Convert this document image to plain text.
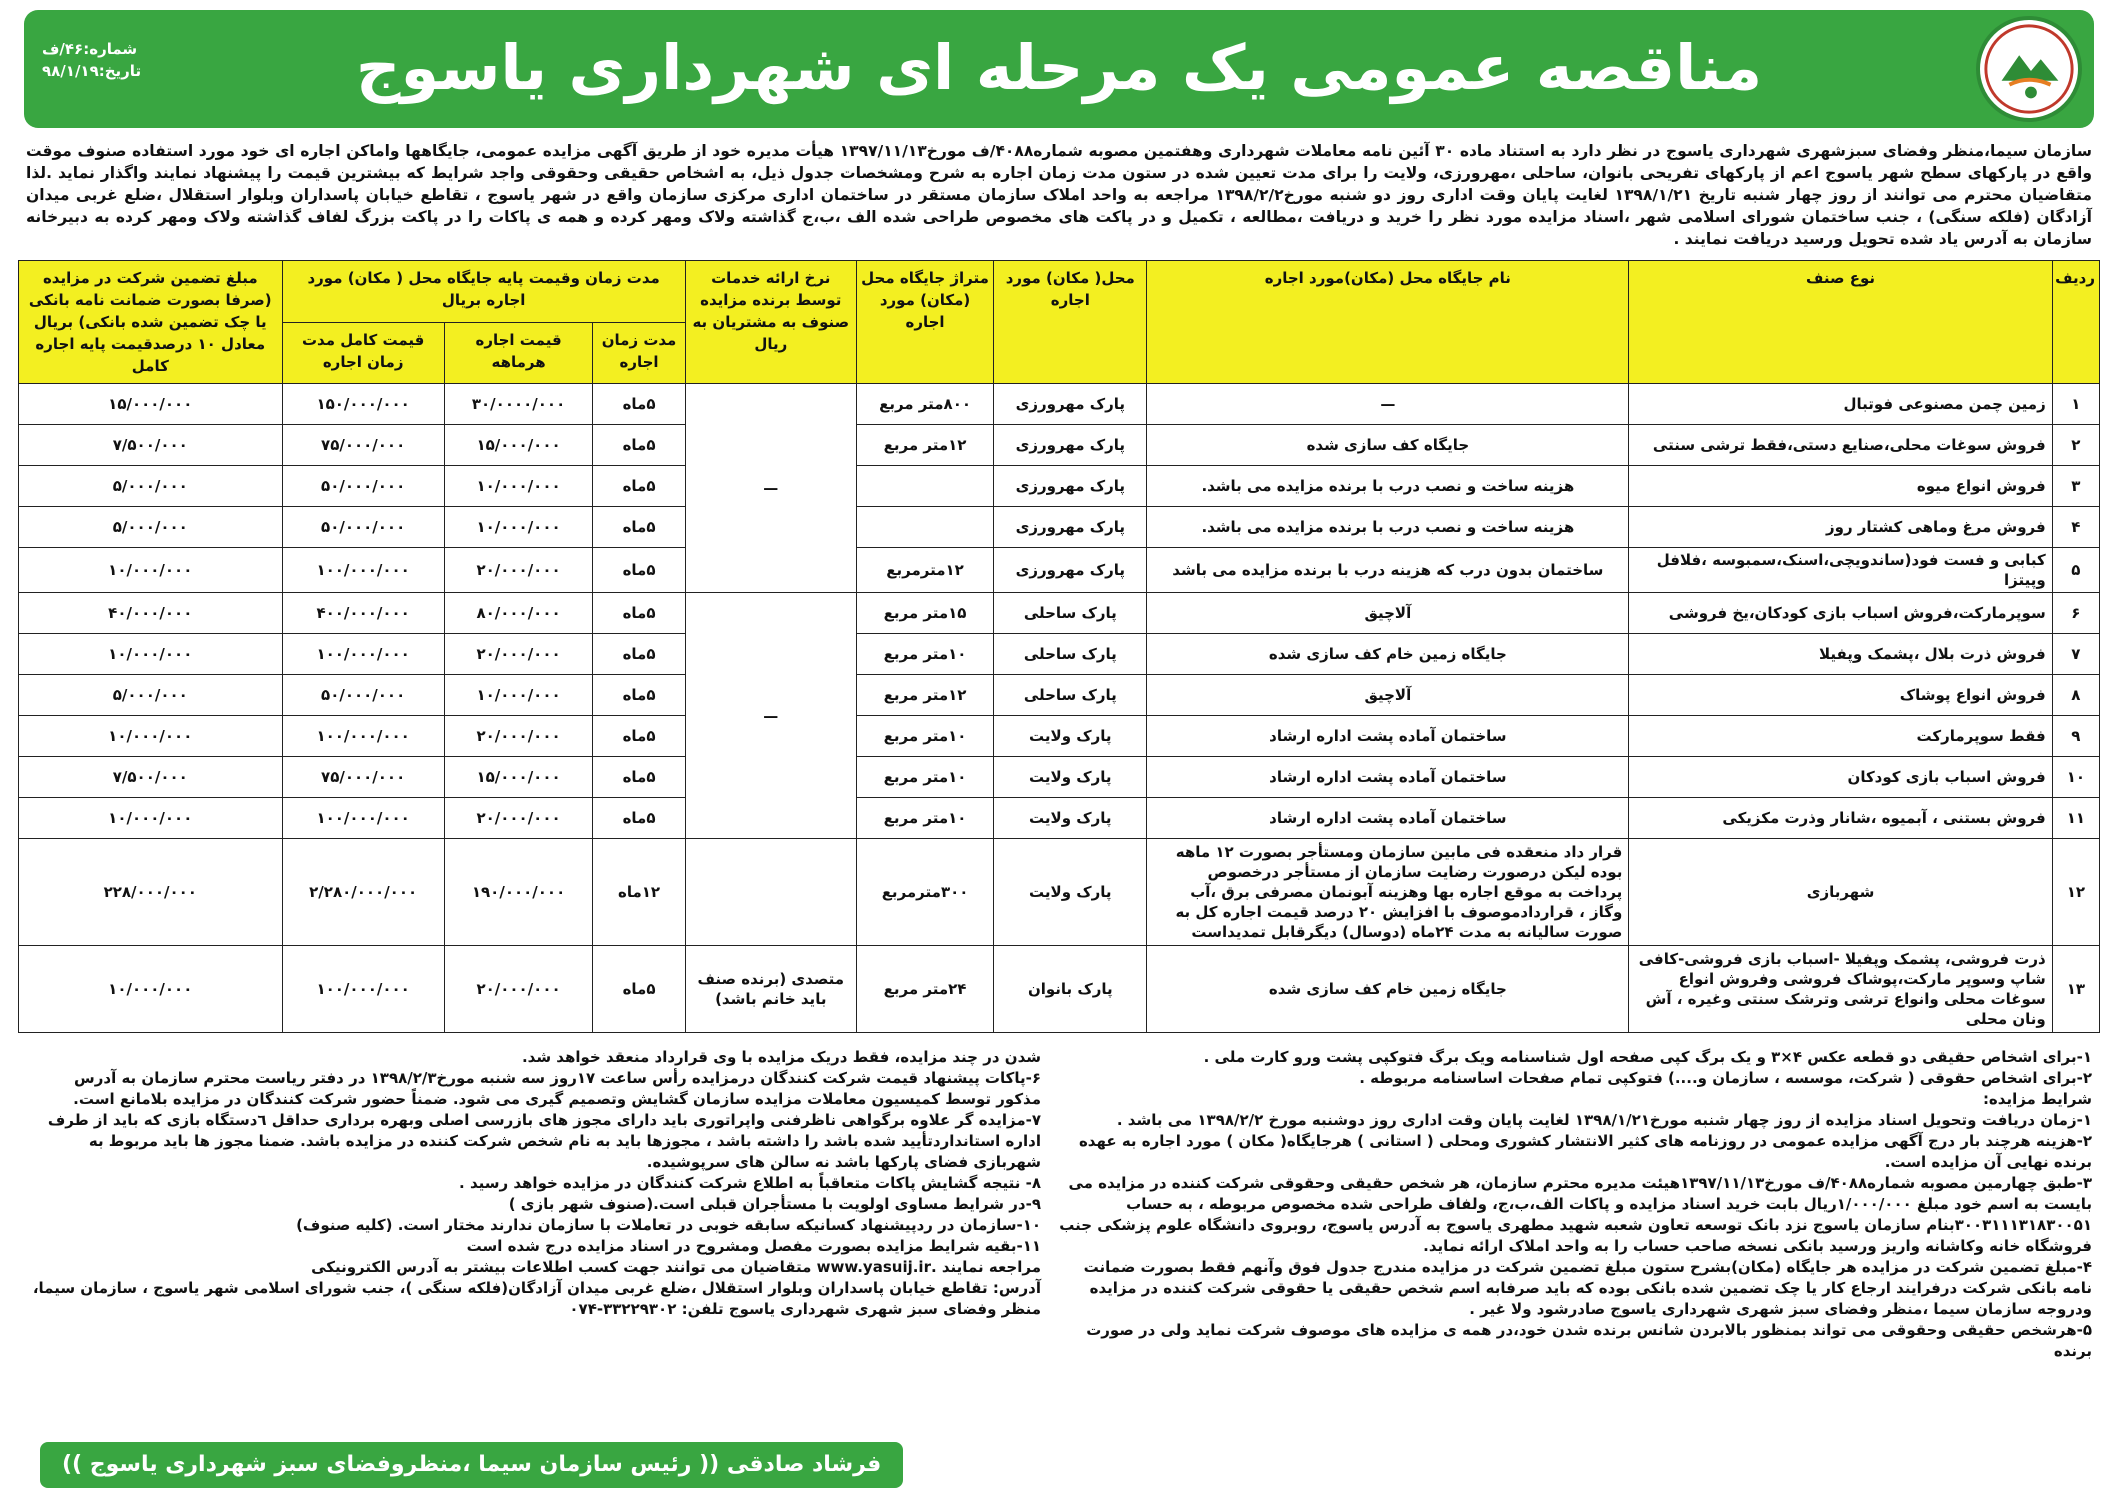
مناقصه عمومی یک مرحله ای شهرداری یاسوج
شماره:۴۶/ف
تاریخ:۹۸/۱/۱۹
سازمان سیما،منظر وفضای سبزشهری شهرداری یاسوج در نظر دارد به استناد ماده ۳۰ آئین نامه معاملات شهرداری وهفتمین مصوبه شماره۴۰۸۸/ف مورخ۱۳۹۷/۱۱/۱۳ هیأت مدیره خود از طریق آگهی مزایده عمومی، جایگاهها واماکن اجاره ای خود مورد استفاده صنوف موقت واقع در پارکهای سطح شهر یاسوج اعم از پارکهای تفریحی بانوان، ساحلی ،مهرورزی، ولایت را برای مدت تعیین شده در ستون مدت زمان اجاره به شرح ومشخصات جدول ذیل، به اشخاص حقیقی وحقوقی واجد شرایط که بیشترین قیمت را پیشنهاد نمایند واگذار نماید .لذا متقاضیان محترم می توانند از روز چهار شنبه تاریخ ۱۳۹۸/۱/۲۱ لغایت پایان وقت اداری روز دو شنبه مورخ۱۳۹۸/۲/۲ مراجعه به واحد املاک سازمان مستقر در ساختمان اداری مرکزی سازمان واقع در شهر یاسوج ، تقاطع خیابان پاسداران وبلوار استقلال ،ضلع غربی میدان آزادگان (فلکه سنگی) ، جنب ساختمان شورای اسلامی شهر ،اسناد مزایده مورد نظر را خرید و دریافت ،مطالعه ، تکمیل و در پاکت های مخصوص طراحی شده الف ،ب،ج گذاشته ولاک ومهر کرده و همه ی پاکات را در پاکت بزرگ لفاف گذاشته ولاک ومهر کرده به دبیرخانه سازمان به آدرس یاد شده تحویل ورسید دریافت نمایند .
ردیف	نوع صنف	نام جایگاه محل (مکان)مورد اجاره	محل( مکان) مورد اجاره	متراژ جایگاه محل (مکان) مورد اجاره	نرخ ارائه خدمات توسط برنده مزایده صنوف به مشتریان به ریال	مدت زمان وقیمت پایه جایگاه محل ( مکان) مورد اجاره بریال			مبلغ تضمین شرکت در مزایده (صرفا بصورت ضمانت نامه بانکی یا چک تضمین شده بانکی) بریال معادل ۱۰ درصدقیمت پایه اجاره کامل
						مدت زمان اجاره	قیمت اجاره هرماهه	قیمت کامل مدت زمان اجاره	
۱	زمین چمن مصنوعی فوتبال	—	پارک مهرورزی	۸۰۰متر مربع	—	۵ماه	۳۰/۰۰۰۰/۰۰۰	۱۵۰/۰۰۰/۰۰۰	۱۵/۰۰۰/۰۰۰
۲	فروش سوغات محلی،صنایع دستی،فقط ترشی سنتی	جایگاه کف سازی شده	پارک مهرورزی	۱۲متر مربع		۵ماه	۱۵/۰۰۰/۰۰۰	۷۵/۰۰۰/۰۰۰	۷/۵۰۰/۰۰۰
۳	فروش انواع میوه	هزینه ساخت و نصب درب با برنده مزایده می باشد.	پارک مهرورزی			۵ماه	۱۰/۰۰۰/۰۰۰	۵۰/۰۰۰/۰۰۰	۵/۰۰۰/۰۰۰
۴	فروش مرغ وماهی کشتار روز	هزینه ساخت و نصب درب با برنده مزایده می باشد.	پارک مهرورزی			۵ماه	۱۰/۰۰۰/۰۰۰	۵۰/۰۰۰/۰۰۰	۵/۰۰۰/۰۰۰
۵	کبابی و فست فود(ساندویچی،اسنک،سمبوسه ،فلافل وپیتزا	ساختمان بدون درب که هزینه درب با برنده مزایده می باشد	پارک مهرورزی	۱۲مترمربع		۵ماه	۲۰/۰۰۰/۰۰۰	۱۰۰/۰۰۰/۰۰۰	۱۰/۰۰۰/۰۰۰
۶	سوپرمارکت،فروش اسباب بازی کودکان،یخ فروشی	آلاچیق	پارک ساحلی	۱۵متر مربع	—	۵ماه	۸۰/۰۰۰/۰۰۰	۴۰۰/۰۰۰/۰۰۰	۴۰/۰۰۰/۰۰۰
۷	فروش ذرت بلال ،پشمک وپفیلا	جایگاه زمین خام کف سازی شده	پارک ساحلی	۱۰متر مربع		۵ماه	۲۰/۰۰۰/۰۰۰	۱۰۰/۰۰۰/۰۰۰	۱۰/۰۰۰/۰۰۰
۸	فروش انواع پوشاک	آلاچیق	پارک ساحلی	۱۲متر مربع		۵ماه	۱۰/۰۰۰/۰۰۰	۵۰/۰۰۰/۰۰۰	۵/۰۰۰/۰۰۰
۹	فقط سوپرمارکت	ساختمان آماده پشت اداره ارشاد	پارک ولایت	۱۰متر مربع		۵ماه	۲۰/۰۰۰/۰۰۰	۱۰۰/۰۰۰/۰۰۰	۱۰/۰۰۰/۰۰۰
۱۰	فروش اسباب بازی کودکان	ساختمان آماده پشت اداره ارشاد	پارک ولایت	۱۰متر مربع		۵ماه	۱۵/۰۰۰/۰۰۰	۷۵/۰۰۰/۰۰۰	۷/۵۰۰/۰۰۰
۱۱	فروش بستنی ، آبمیوه ،شانار وذرت مکزیکی	ساختمان آماده پشت اداره ارشاد	پارک ولایت	۱۰متر مربع		۵ماه	۲۰/۰۰۰/۰۰۰	۱۰۰/۰۰۰/۰۰۰	۱۰/۰۰۰/۰۰۰
۱۲	شهربازی	قرار داد منعقده فی مابین سازمان ومستأجر بصورت ۱۲ ماهه بوده لیکن درصورت رضایت سازمان از مستأجر درخصوص پرداخت به موقع اجاره بها وهزینه آبونمان مصرفی برق ،آب وگاز ، قراردادموصوف با افزایش ۲۰ درصد قیمت اجاره کل به صورت سالیانه به مدت ۲۴ماه (دوسال) دیگرقابل تمدیداست	پارک ولایت	۳۰۰مترمربع		۱۲ماه	۱۹۰/۰۰۰/۰۰۰	۲/۲۸۰/۰۰۰/۰۰۰	۲۲۸/۰۰۰/۰۰۰
۱۳	ذرت فروشی، پشمک وپفیلا -اسباب بازی فروشی-کافی شاپ وسوپر مارکت،پوشاک فروشی وفروش انواع سوغات محلی وانواع ترشی وترشک سنتی وغیره ، آش ونان محلی	جایگاه زمین خام کف سازی شده	پارک بانوان	۲۴متر مربع	متصدی (برنده صنف باید خانم باشد)	۵ماه	۲۰/۰۰۰/۰۰۰	۱۰۰/۰۰۰/۰۰۰	۱۰/۰۰۰/۰۰۰

۱-برای اشخاص حقیقی دو قطعه عکس ۴×۳ و یک برگ کپی صفحه اول شناسنامه ویک برگ فتوکپی پشت ورو کارت ملی .

۲-برای اشخاص حقوقی ( شرکت، موسسه ، سازمان و....) فتوکپی تمام صفحات اساسنامه مربوطه .

شرایط مزایده:

۱-زمان دریافت وتحویل اسناد مزایده از روز چهار شنبه مورخ۱۳۹۸/۱/۲۱ لغایت پایان وقت اداری روز دوشنبه مورخ ۱۳۹۸/۲/۲ می باشد .

۲-هزینه هرچند بار درج آگهی مزایده عمومی در روزنامه های کثیر الانتشار کشوری ومحلی ( استانی ) هرجایگاه( مکان ) مورد اجاره به عهده برنده نهایی آن مزایده است.

۳-طبق چهارمین مصوبه شماره۴۰۸۸/ف مورخ۱۳۹۷/۱۱/۱۳هیئت مدیره محترم سازمان، هر شخص حقیقی وحقوقی شرکت کننده در مزایده می بایست به اسم خود مبلغ ۱/۰۰۰/۰۰۰ریال بابت خرید اسناد مزایده و پاکات الف،ب،ج، ولفاف طراحی شده مخصوص مربوطه ، به حساب ۳۰۰۳۱۱۱۳۱۸۳۰۰۵۱بنام سازمان یاسوج نزد بانک توسعه تعاون شعبه شهید مطهری یاسوج به آدرس یاسوج، روبروی دانشگاه علوم پزشکی جنب فروشگاه خانه وکاشانه واریز ورسید بانکی نسخه صاحب حساب را به واحد املاک ارائه نماید.

۴-مبلغ تضمین شرکت در مزایده هر جایگاه (مکان)بشرح ستون مبلغ تضمین شرکت در مزایده مندرج جدول فوق وآنهم فقط بصورت ضمانت نامه بانکی شرکت درفرایند ارجاع کار یا چک تضمین شده بانکی بوده که باید صرفابه اسم شخص حقیقی یا حقوقی شرکت کننده در مزایده ودروجه سازمان سیما ،منظر وفضای سبز شهری شهرداری یاسوج صادرشود ولا غیر .

۵-هرشخص حقیقی وحقوقی می تواند بمنظور بالابردن شانس برنده شدن خود،در همه ی مزایده های موصوف شرکت نماید ولی در صورت برنده

شدن در چند مزایده، فقط دریک مزایده با وی قرارداد منعقد خواهد شد.

۶-پاکات پیشنهاد قیمت شرکت کنندگان درمزایده رأس ساعت ۱۷روز سه شنبه مورخ۱۳۹۸/۲/۳ در دفتر ریاست محترم سازمان به آدرس مذکور توسط کمیسیون معاملات مزایده سازمان گشایش وتصمیم گیری می شود. ضمناً حضور شرکت کنندگان در مزایده بلامانع است.

۷-مزایده گر علاوه برگواهی ناظرفنی واپراتوری باید دارای مجوز های بازرسی اصلی وبهره برداری حداقل ٦دستگاه بازی که باید از طرف اداره استانداردتأیید شده باشد را داشته باشد ، مجوزها باید به نام شخص شرکت کننده در مزایده باشد. ضمنا مجوز ها باید مربوط به شهربازی فضای پارکها باشد نه سالن های سرپوشیده.

۸- نتیجه گشایش پاکات متعاقباً به اطلاع شرکت کنندگان در مزایده خواهد رسید .

۹-در شرایط مساوی اولویت با مستأجران قبلی است.(صنوف شهر بازی )

۱۰-سازمان در ردپیشنهاد کسانیکه سابقه خوبی در تعاملات با سازمان ندارند مختار است. (کلیه صنوف)

۱۱-بقیه شرایط مزایده بصورت مفصل ومشروح در اسناد مزایده درج شده است

مراجعه نمایند .www.yasuij.ir متقاضیان می توانند جهت کسب اطلاعات بیشتر به آدرس الکترونیکی

آدرس: تقاطع خیابان پاسداران وبلوار استقلال ،ضلع غربی میدان آزادگان(فلکه سنگی )، جنب شورای اسلامی شهر یاسوج ، سازمان سیما، منظر وفضای سبز شهری شهرداری یاسوج تلفن: ۳۳۲۲۹۳۰۲-۰۷۴

فرشاد صادقی (( رئیس سازمان سیما ،منظروفضای سبز شهرداری یاسوج ))
